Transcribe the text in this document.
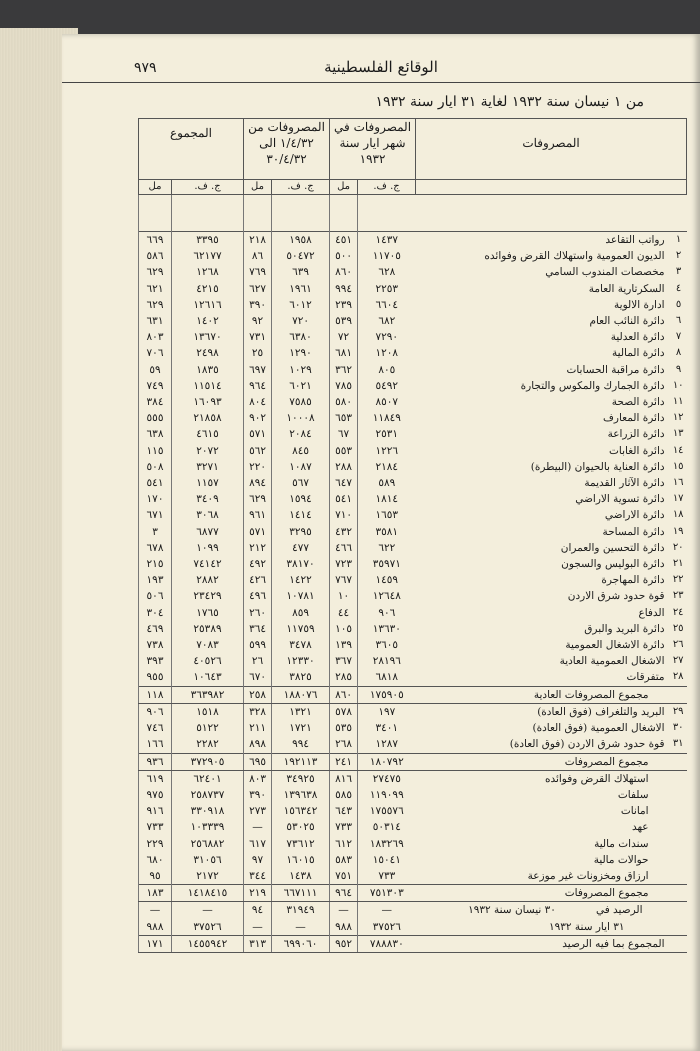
الوقائع الفلسطينية
٩٧٩
من ١ نيسان سنة ١٩٣٢ لغاية ٣١ ايار سنة ١٩٣٢
المصروفات		المصروفات في شهر ايار سنة ١٩٣٢		المصروفات من ١/٤/٣٢ الى ٣٠/٤/٣٢		المجموع	
		ج. ف.	مل	ج. ف.	مل	ج. ف.	مل

١	رواتب التقاعد	١٤٣٧	٤٥١	١٩٥٨	٢١٨	٣٣٩٥	٦٦٩
٢	الديون العمومية واستهلاك القرض وفوائده	١١٧٠٥	٥٠٠	٥٠٤٧٢	٨٦	٦٢١٧٧	٥٨٦
٣	مخصصات المندوب السامي	٦٢٨	٨٦٠	٦٣٩	٧٦٩	١٢٦٨	٦٢٩
٤	السكرتارية العامة	٢٢٥٣	٩٩٤	١٩٦١	٦٢٧	٤٢١٥	٦٢١
٥	ادارة الالوية	٦٦٠٤	٢٣٩	٦٠١٢	٣٩٠	١٢٦١٦	٦٢٩
٦	دائرة النائب العام	٦٨٢	٥٣٩	٧٢٠	٩٢	١٤٠٢	٦٣١
٧	دائرة العدلية	٧٢٩٠	٧٢	٦٣٨٠	٧٣١	١٣٦٧٠	٨٠٣
٨	دائرة المالية	١٢٠٨	٦٨١	١٢٩٠	٢٥	٢٤٩٨	٧٠٦
٩	دائرة مراقبة الحسابات	٨٠٥	٣٦٢	١٠٢٩	٦٩٧	١٨٣٥	٥٩
١٠	دائرة الجمارك والمكوس والتجارة	٥٤٩٢	٧٨٥	٦٠٢١	٩٦٤	١١٥١٤	٧٤٩
١١	دائرة الصحة	٨٥٠٧	٥٨٠	٧٥٨٥	٨٠٤	١٦٠٩٣	٣٨٤
١٢	دائرة المعارف	١١٨٤٩	٦٥٣	١٠٠٠٨	٩٠٢	٢١٨٥٨	٥٥٥
١٣	دائرة الزراعة	٢٥٣١	٦٧	٢٠٨٤	٥٧١	٤٦١٥	٦٣٨
١٤	دائرة الغابات	١٢٢٦	٥٥٣	٨٤٥	٥٦٢	٢٠٧٢	١١٥
١٥	دائرة العناية بالحيوان (البيطرة)	٢١٨٤	٢٨٨	١٠٨٧	٢٢٠	٣٢٧١	٥٠٨
١٦	دائرة الآثار القديمة	٥٨٩	٦٤٧	٥٦٧	٨٩٤	١١٥٧	٥٤١
١٧	دائرة تسوية الاراضي	١٨١٤	٥٤١	١٥٩٤	٦٢٩	٣٤٠٩	١٧٠
١٨	دائرة الاراضي	١٦٥٣	٧١٠	١٤١٤	٩٦١	٣٠٦٨	٦٧١
١٩	دائرة المساحة	٣٥٨١	٤٣٢	٣٢٩٥	٥٧١	٦٨٧٧	٣
٢٠	دائرة التحسين والعمران	٦٢٢	٤٦٦	٤٧٧	٢١٢	١٠٩٩	٦٧٨
٢١	دائرة البوليس والسجون	٣٥٩٧١	٧٢٣	٣٨١٧٠	٤٩٢	٧٤١٤٢	٢١٥
٢٢	دائرة المهاجرة	١٤٥٩	٧٦٧	١٤٢٢	٤٢٦	٢٨٨٢	١٩٣
٢٣	قوة حدود شرق الاردن	١٢٦٤٨	١٠	١٠٧٨١	٤٩٦	٢٣٤٢٩	٥٠٦
٢٤	الدفاع	٩٠٦	٤٤	٨٥٩	٢٦٠	١٧٦٥	٣٠٤
٢٥	دائرة البريد والبرق	١٣٦٣٠	١٠٥	١١٧٥٩	٣٦٤	٢٥٣٨٩	٤٦٩
٢٦	دائرة الاشغال العمومية	٣٦٠٥	١٣٩	٣٤٧٨	٥٩٩	٧٠٨٣	٧٣٨
٢٧	الاشغال العمومية العادية	٢٨١٩٦	٣٦٧	١٢٣٣٠	٢٦	٤٠٥٢٦	٣٩٣
٢٨	متفرقات	٦٨١٨	٢٨٥	٣٨٢٥	٦٧٠	١٠٦٤٣	٩٥٥
	مجموع المصروفات العادية	١٧٥٩٠٥	٨٦٠	١٨٨٠٧٦	٢٥٨	٣٦٣٩٨٢	١١٨
٢٩	البريد والتلغراف (فوق العادة)	١٩٧	٥٧٨	١٣٢١	٣٢٨	١٥١٨	٩٠٦
٣٠	الاشغال العمومية (فوق العادة)	٣٤٠١	٥٣٥	١٧٢١	٢١١	٥١٢٢	٧٤٦
٣١	قوة حدود شرق الاردن (فوق العادة)	١٢٨٧	٢٦٨	٩٩٤	٨٩٨	٢٢٨٢	١٦٦
	مجموع المصروفات	١٨٠٧٩٢	٢٤١	١٩٢١١٣	٦٩٥	٣٧٢٩٠٥	٩٣٦
	استهلاك القرض وفوائده	٢٧٤٧٥	٨١٦	٣٤٩٢٥	٨٠٣	٦٢٤٠١	٦١٩
	سلفات	١١٩٠٩٩	٥٨٥	١٣٩٦٣٨	٣٩٠	٢٥٨٧٣٧	٩٧٥
	امانات	١٧٥٥٧٦	٦٤٣	١٥٦٣٤٢	٢٧٣	٣٣٠٩١٨	٩١٦
	عهد	٥٠٣١٤	٧٣٣	٥٣٠٢٥	—	١٠٣٣٣٩	٧٣٣
	سندات مالية	١٨٣٢٦٩	٦١٢	٧٣٦١٢	٦١٧	٢٥٦٨٨٢	٢٢٩
	حوالات مالية	١٥٠٤١	٥٨٣	١٦٠١٥	٩٧	٣١٠٥٦	٦٨٠
	ارزاق ومخزونات غير موزعة	٧٣٣	٧٥١	١٤٣٨	٣٤٤	٢١٧٢	٩٥
	مجموع المصروفات	٧٥١٣٠٣	٩٦٤	٦٦٧١١١	٢١٩	١٤١٨٤١٥	١٨٣
	الرصيد في٣٠ نيسان سنة ١٩٣٢	—	—	٣١٩٤٩	٩٤	—	—
	٣١ ايار سنة ١٩٣٢	٣٧٥٢٦	٩٨٨	—	—	٣٧٥٢٦	٩٨٨
	المجموع بما فيه الرصيد	٧٨٨٨٣٠	٩٥٢	٦٩٩٠٦٠	٣١٣	١٤٥٥٩٤٢	١٧١
